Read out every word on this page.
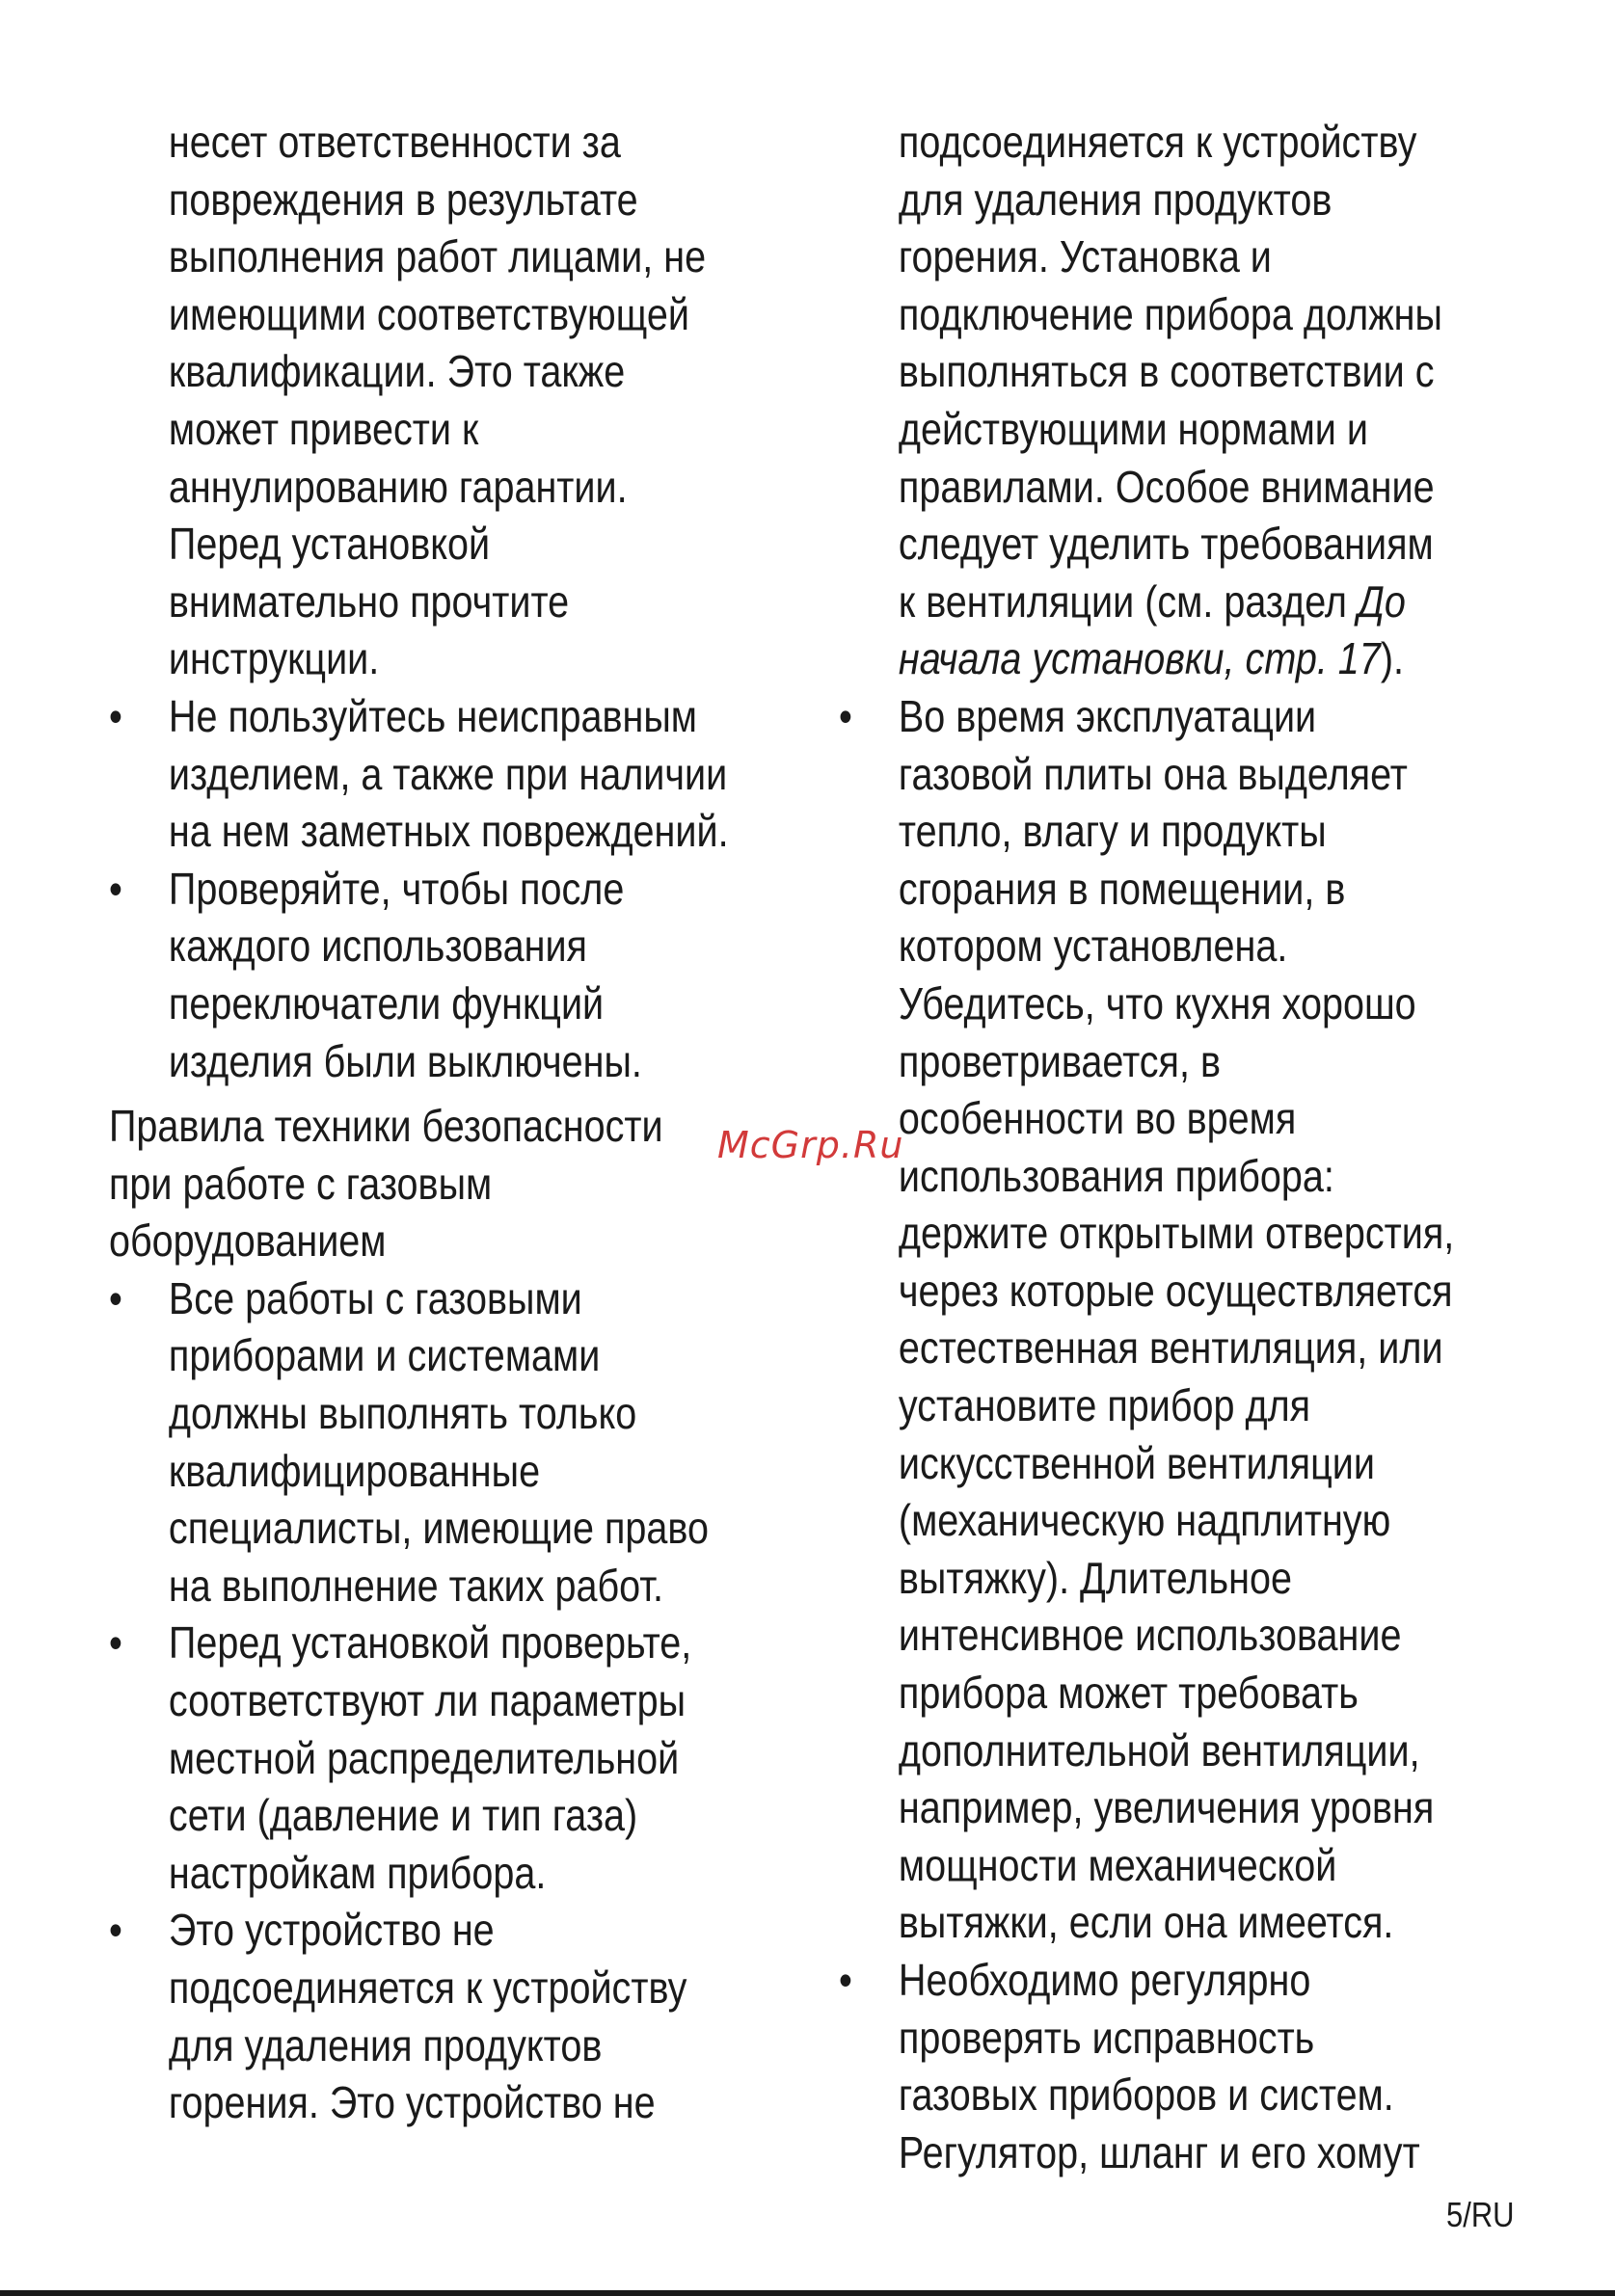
несет ответственности за
повреждения в результате
выполнения работ лицами, не
имеющими соответствующей
квалификации. Это также
может привести к
аннулированию гарантии.
Перед установкой
внимательно прочтите
инструкции.
• Не пользуйтесь неисправным
изделием, а также при наличии
на нем заметных повреждений.
• Проверяйте, чтобы после
каждого использования
переключатели функций
изделия были выключены.
Правила техники безопасности
при работе с газовым
оборудованием
• Все работы с газовыми
приборами и системами
должны выполнять только
квалифицированные
специалисты, имеющие право
на выполнение таких работ.
• Перед установкой проверьте,
соответствуют ли параметры
местной распределительной
сети (давление и тип газа)
настройкам прибора.
• Это устройство не
подсоединяется к устройству
для удаления продуктов
горения. Это устройство не
подсоединяется к устройству
для удаления продуктов
горения. Установка и
подключение прибора должны
выполняться в соответствии с
действующими нормами и
правилами. Особое внимание
следует уделить требованиям
к вентиляции (см. раздел До
начала установки, стр. 17).
• Во время эксплуатации
газовой плиты она выделяет
тепло, влагу и продукты
сгорания в помещении, в
котором установлена.
Убедитесь, что кухня хорошо
проветривается, в
особенности во время
использования прибора:
держите открытыми отверстия,
через которые осуществляется
естественная вентиляция, или
установите прибор для
искусственной вентиляции
(механическую надплитную
вытяжку). Длительное
интенсивное использование
прибора может требовать
дополнительной вентиляции,
например, увеличения уровня
мощности механической
вытяжки, если она имеется.
• Необходимо регулярно
проверять исправность
газовых приборов и систем.
Регулятор, шланг и его хомут
McGrp.Ru
5/RU
